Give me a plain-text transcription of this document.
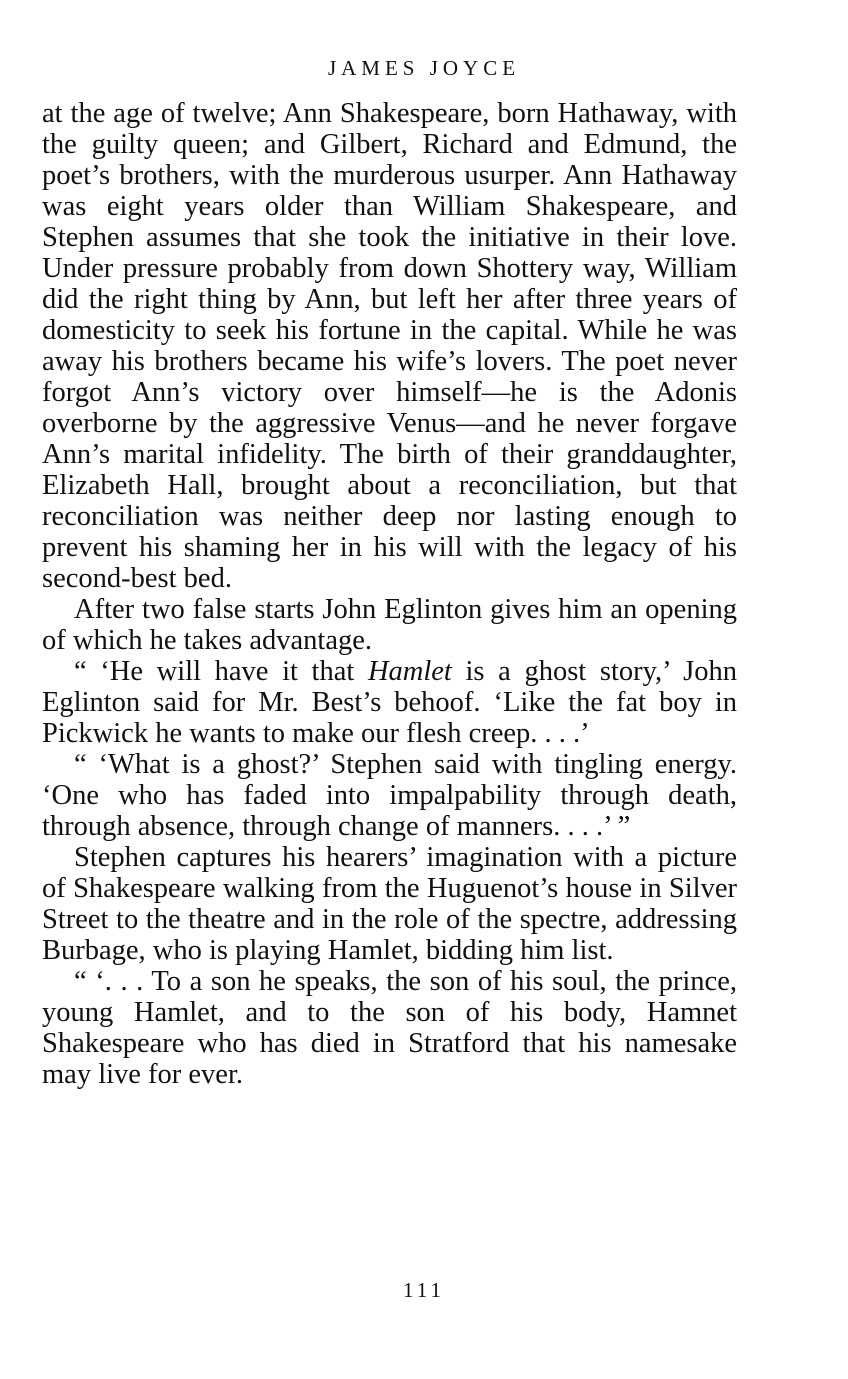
JAMES JOYCE

at the age of twelve; Ann Shakespeare, born Hathaway, with the guilty queen; and Gilbert, Richard and Edmund, the poet’s brothers, with the murderous usurper. Ann Hathaway was eight years older than William Shakespeare, and Stephen assumes that she took the initiative in their love. Under pressure probably from down Shottery way, William did the right thing by Ann, but left her after three years of domesticity to seek his fortune in the capital. While he was away his brothers became his wife’s lovers. The poet never forgot Ann’s victory over himself—he is the Adonis overborne by the aggressive Venus—and he never forgave Ann’s marital infidelity. The birth of their granddaughter, Elizabeth Hall, brought about a reconciliation, but that reconciliation was neither deep nor lasting enough to prevent his shaming her in his will with the legacy of his second-best bed.

After two false starts John Eglinton gives him an opening of which he takes advantage.

“ ‘He will have it that Hamlet is a ghost story,’ John Eglinton said for Mr. Best’s behoof. ‘Like the fat boy in Pickwick he wants to make our flesh creep. . . .’

“ ‘What is a ghost?’ Stephen said with tingling energy. ‘One who has faded into impalpability through death, through absence, through change of manners. . . .’ ”

Stephen captures his hearers’ imagination with a picture of Shakespeare walking from the Huguenot’s house in Silver Street to the theatre and in the role of the spectre, addressing Burbage, who is playing Hamlet, bidding him list.

“ ‘. . . To a son he speaks, the son of his soul, the prince, young Hamlet, and to the son of his body, Hamnet Shakespeare who has died in Stratford that his namesake may live for ever.

111
